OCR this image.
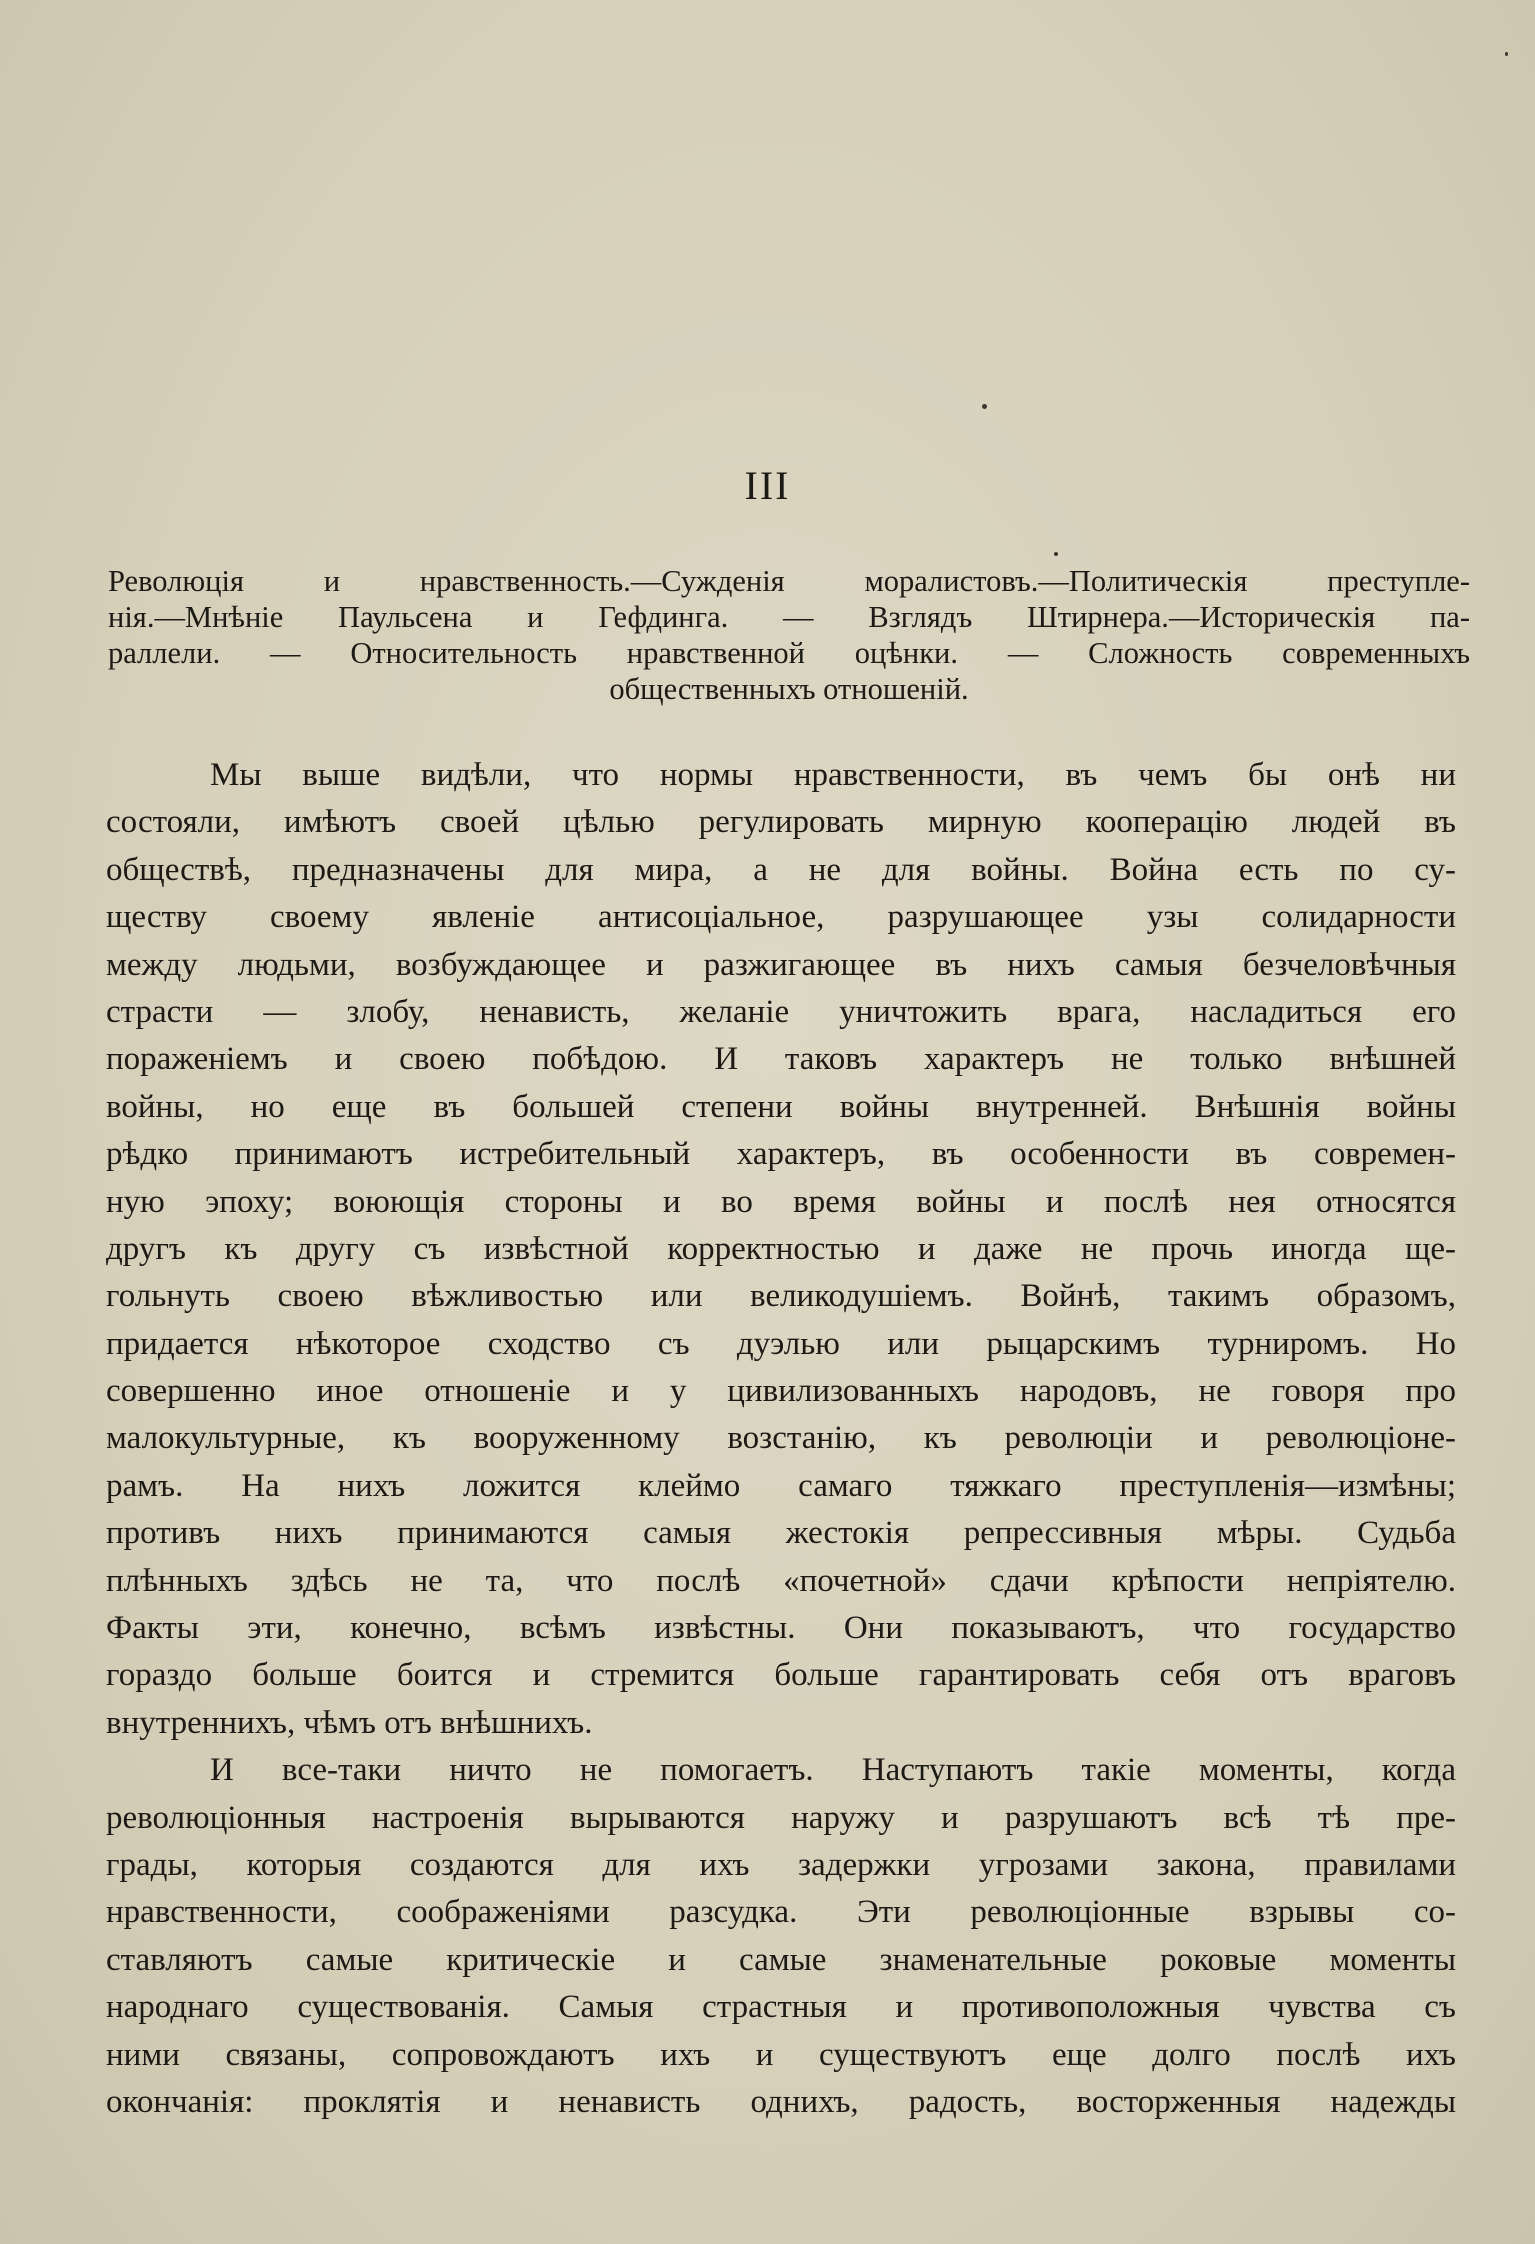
III
Революція и нравственность.—Сужденія моралистовъ.—Политическія преступле-
нія.—Мнѣніе Паульсена и Гефдинга. — Взглядъ Штирнера.—Историческія па-
раллели. — Относительность нравственной оцѣнки. — Сложность современныхъ
общественныхъ отношеній.
Мы выше видѣли, что нормы нравственности, въ чемъ бы онѣ ни
состояли, имѣютъ своей цѣлью регулировать мирную кооперацію людей въ
обществѣ, предназначены для мира, а не для войны. Война есть по су-
ществу своему явленіе антисоціальное, разрушающее узы солидарности
между людьми, возбуждающее и разжигающее въ нихъ самыя безчеловѣчныя
страсти — злобу, ненависть, желаніе уничтожить врага, насладиться его
пораженіемъ и своею побѣдою. И таковъ характеръ не только внѣшней
войны, но еще въ большей степени войны внутренней. Внѣшнія войны
рѣдко принимаютъ истребительный характеръ, въ особенности въ современ-
ную эпоху; воюющія стороны и во время войны и послѣ нея относятся
другъ къ другу съ извѣстной корректностью и даже не прочь иногда ще-
гольнуть своею вѣжливостью или великодушіемъ. Войнѣ, такимъ образомъ,
придается нѣкоторое сходство съ дуэлью или рыцарскимъ турниромъ. Но
совершенно иное отношеніе и у цивилизованныхъ народовъ, не говоря про
малокультурные, къ вооруженному возстанію, къ революціи и революціоне-
рамъ. На нихъ ложится клеймо самаго тяжкаго преступленія—измѣны;
противъ нихъ принимаются самыя жестокія репрессивныя мѣры. Судьба
плѣнныхъ здѣсь не та, что послѣ «почетной» сдачи крѣпости непріятелю.
Факты эти, конечно, всѣмъ извѣстны. Они показываютъ, что государство
гораздо больше боится и стремится больше гарантировать себя отъ враговъ
внутреннихъ, чѣмъ отъ внѣшнихъ.
И все-таки ничто не помогаетъ. Наступаютъ такіе моменты, когда
революціонныя настроенія вырываются наружу и разрушаютъ всѣ тѣ пре-
грады, которыя создаются для ихъ задержки угрозами закона, правилами
нравственности, соображеніями разсудка. Эти революціонные взрывы со-
ставляютъ самые критическіе и самые знаменательные роковые моменты
народнаго существованія. Самыя страстныя и противоположныя чувства съ
ними связаны, сопровождаютъ ихъ и существуютъ еще долго послѣ ихъ
окончанія: проклятія и ненависть однихъ, радость, восторженныя надежды
